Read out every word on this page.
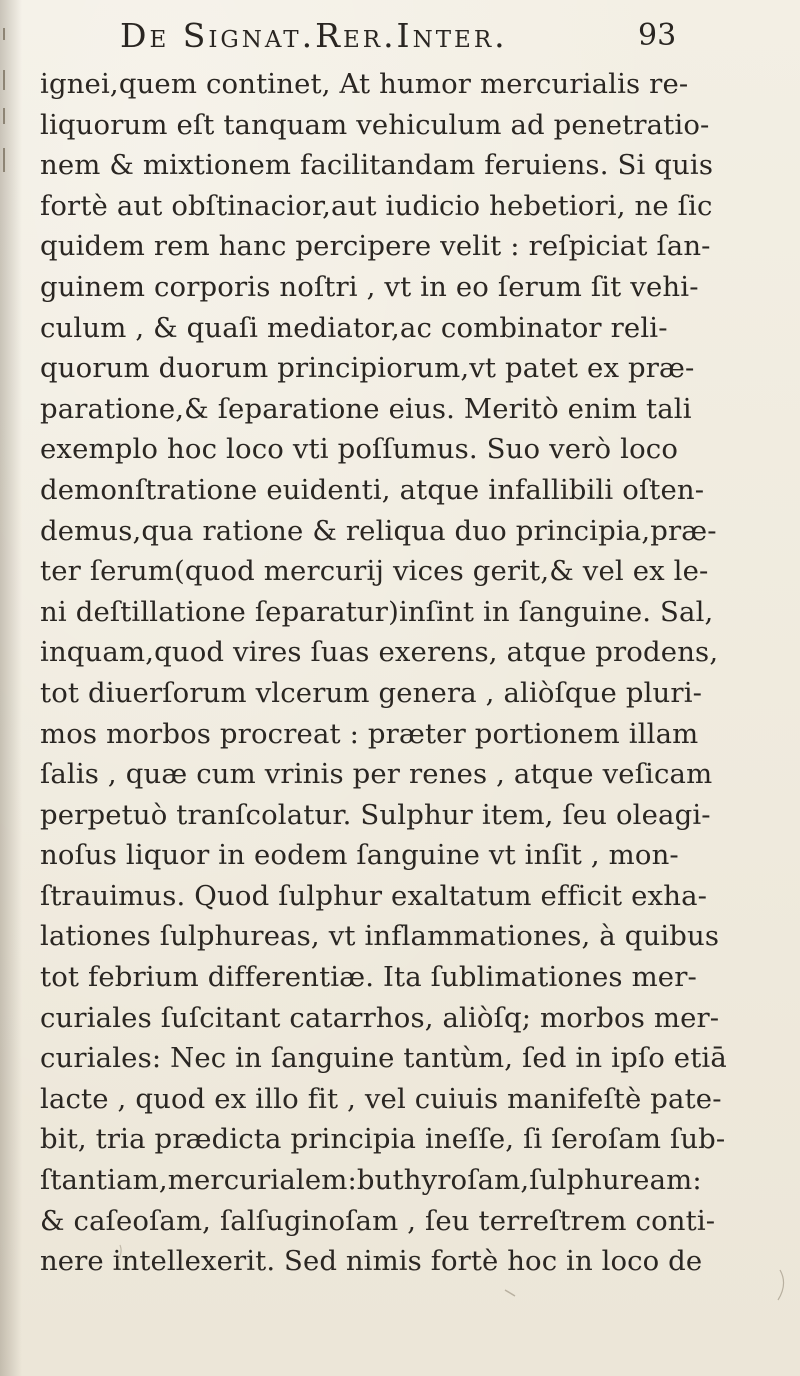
De Signat.Rer.Inter.	93
ignei,quem continet, At humor mercurialis re-
liquorum eſt tanquam vehiculum ad penetratio-
nem & mixtionem facilitandam feruiens. Si quis
fortè aut obſtinacior,aut iudicio hebetiori, ne ſic
quidem rem hanc percipere velit : reſpiciat ſan-
guinem corporis noſtri , vt in eo ſerum ſit vehi-
culum , & quaſi mediator,ac combinator reli-
quorum duorum principiorum,vt patet ex præ-
paratione,& ſeparatione eius. Meritò enim tali
exemplo hoc loco vti poſſumus. Suo verò loco
demonſtratione euidenti, atque infallibili oſten-
demus,qua ratione & reliqua duo principia,præ-
ter ſerum(quod mercurij vices gerit,& vel ex le-
ni deſtillatione ſeparatur)inſint in ſanguine. Sal,
inquam,quod vires ſuas exerens, atque prodens,
tot diuerſorum vlcerum genera , aliòſque pluri-
mos morbos procreat : præter portionem illam
ſalis , quæ cum vrinis per renes , atque veſicam
perpetuò tranſcolatur. Sulphur item, ſeu oleagi-
noſus liquor in eodem ſanguine vt inſit , mon-
ſtrauimus. Quod ſulphur exaltatum efficit exha-
lationes ſulphureas, vt inflammationes, à quibus
tot febrium differentiæ. Ita ſublimationes mer-
curiales ſuſcitant catarrhos, aliòſq; morbos mer-
curiales: Nec in ſanguine tantùm, ſed in ipſo etiā
lacte , quod ex illo fit , vel cuiuis manifeſtè pate-
bit, tria prædicta principia ineſſe, ſi ſeroſam ſub-
ſtantiam,mercurialem:buthyroſam,ſulphuream:
& caſeoſam, ſalſuginoſam , ſeu terreſtrem conti-
nere intellexerit. Sed nimis fortè hoc in loco de
